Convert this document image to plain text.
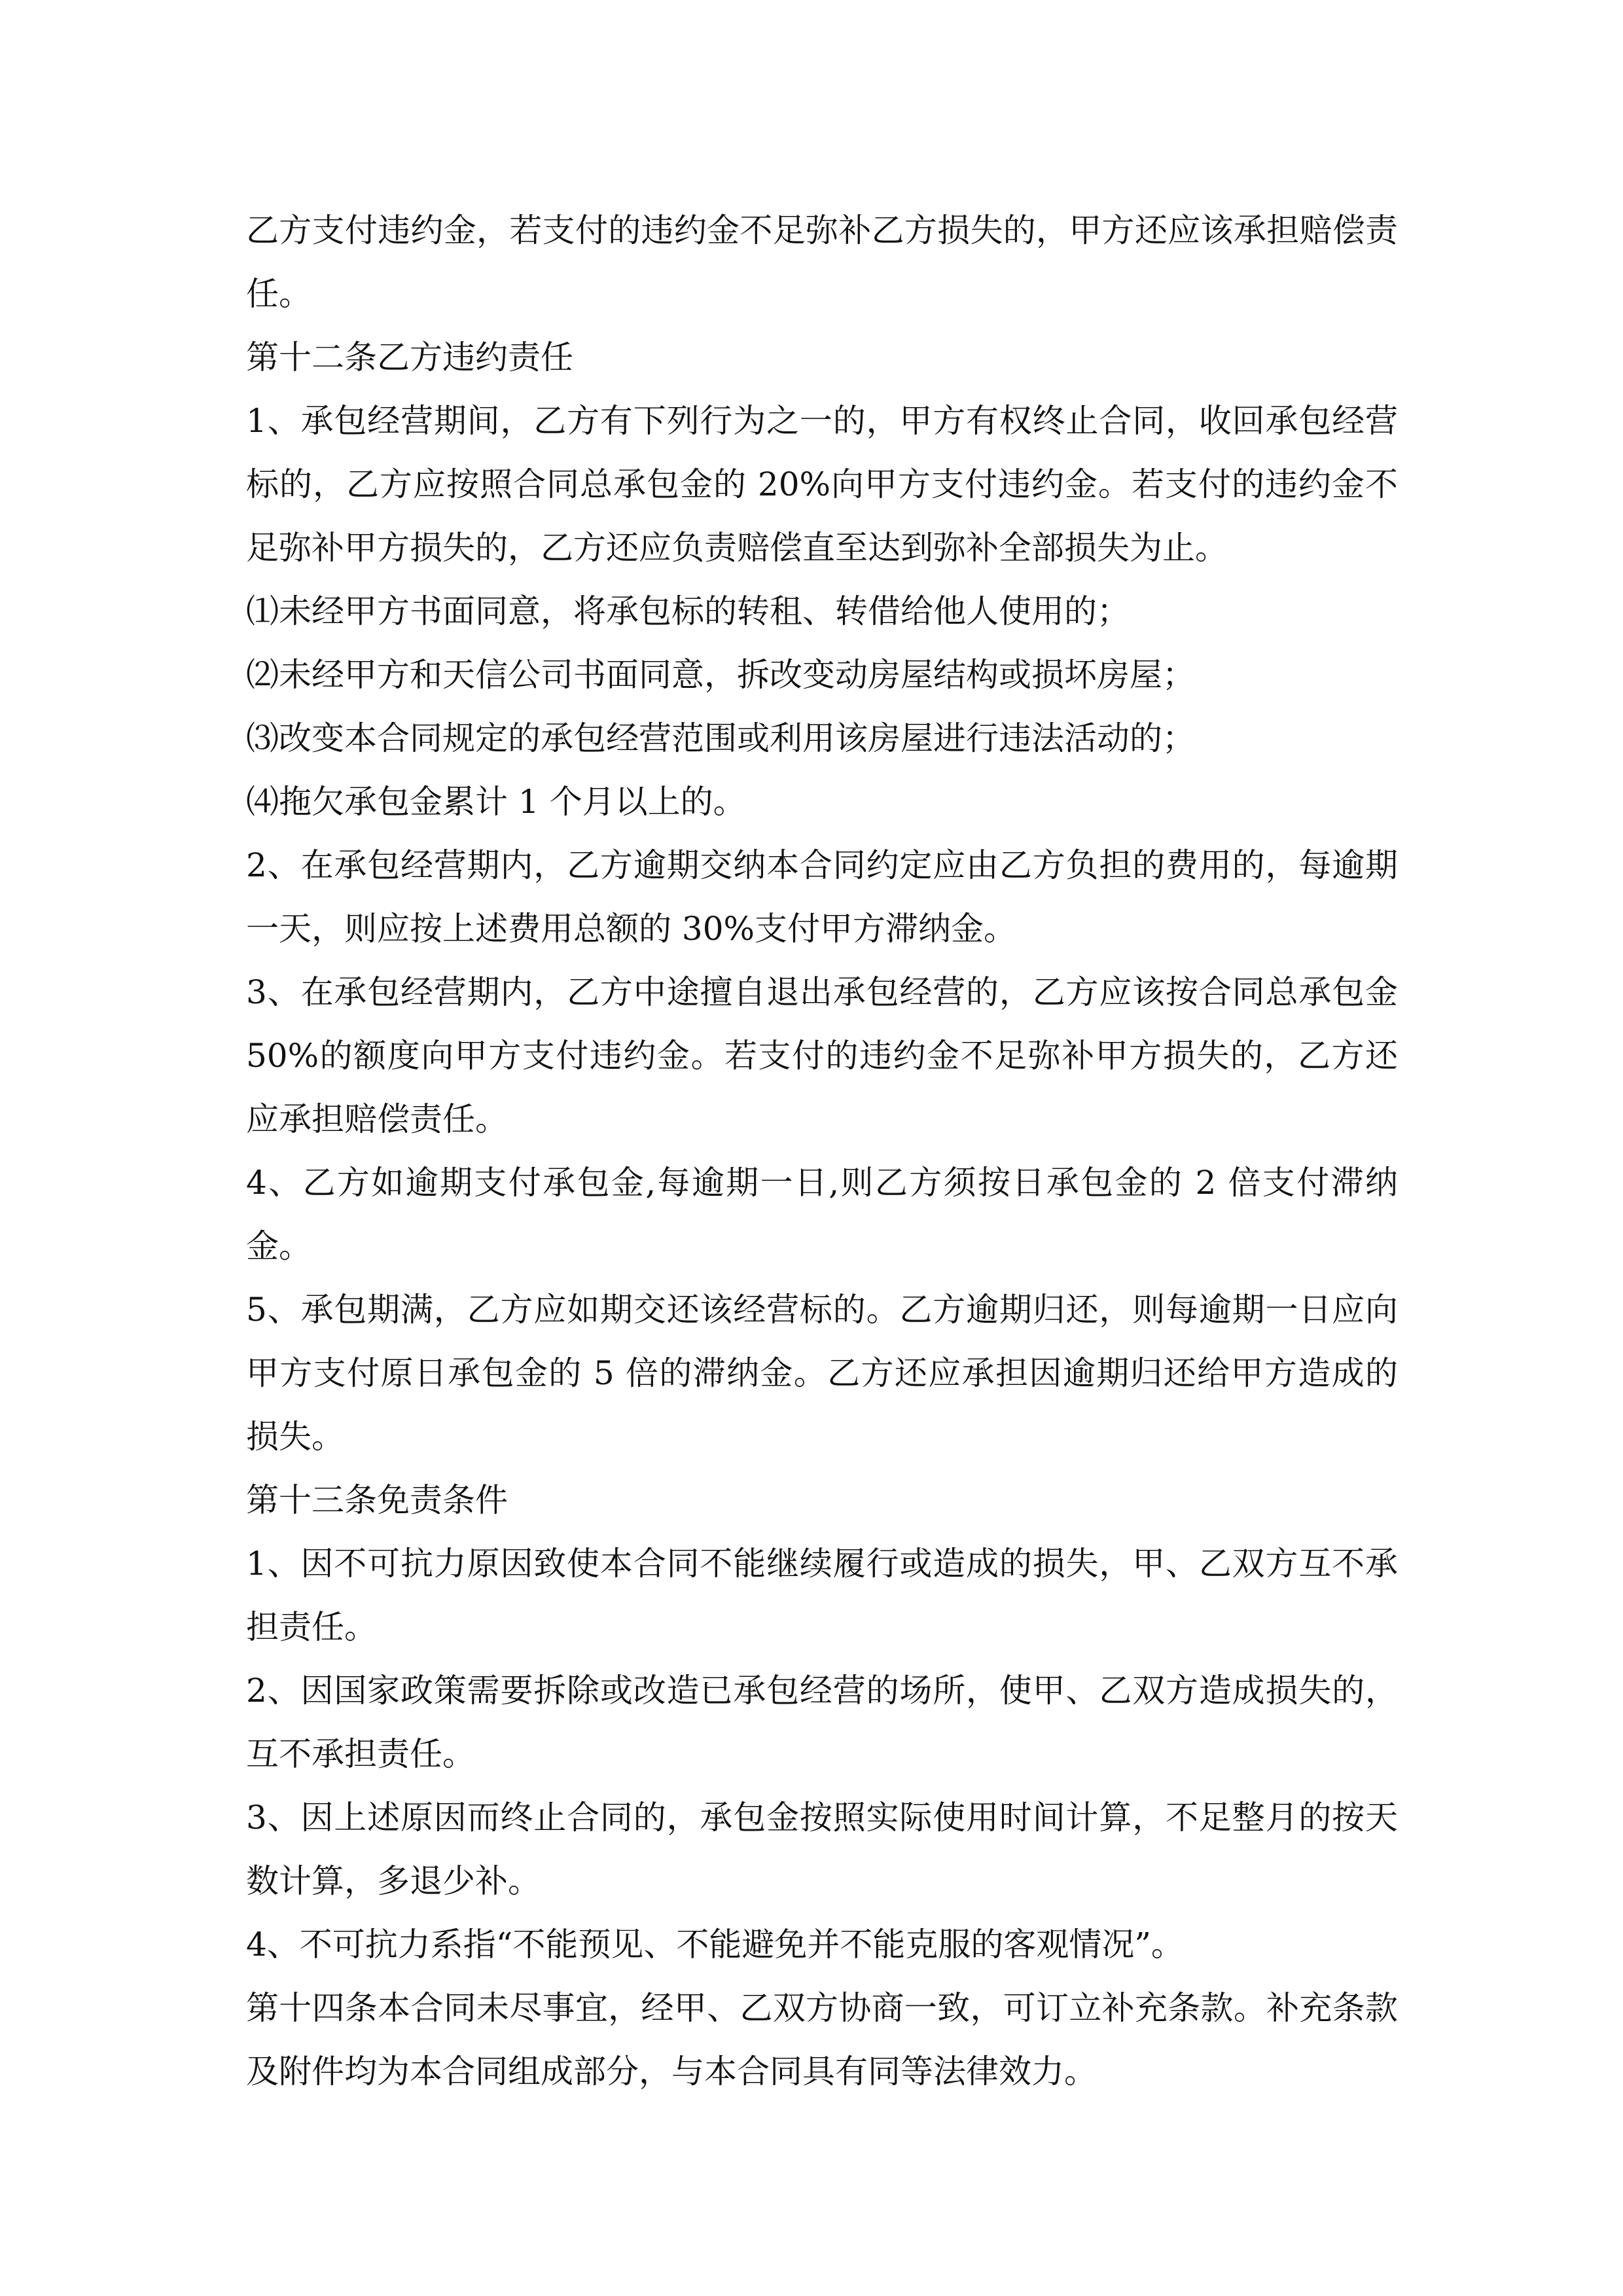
乙方支付违约金，若支付的违约金不足弥补乙方损失的，甲方还应该承担赔偿责任。

第十二条乙方违约责任

1、承包经营期间，乙方有下列行为之一的，甲方有权终止合同，收回承包经营标的，乙方应按照合同总承包金的 20%向甲方支付违约金。若支付的违约金不足弥补甲方损失的，乙方还应负责赔偿直至达到弥补全部损失为止。

⑴未经甲方书面同意，将承包标的转租、转借给他人使用的；

⑵未经甲方和天信公司书面同意，拆改变动房屋结构或损坏房屋；

⑶改变本合同规定的承包经营范围或利用该房屋进行违法活动的；

⑷拖欠承包金累计 1 个月以上的。

2、在承包经营期内，乙方逾期交纳本合同约定应由乙方负担的费用的，每逾期一天，则应按上述费用总额的 30%支付甲方滞纳金。

3、在承包经营期内，乙方中途擅自退出承包经营的，乙方应该按合同总承包金 50%的额度向甲方支付违约金。若支付的违约金不足弥补甲方损失的，乙方还应承担赔偿责任。

4、乙方如逾期支付承包金,每逾期一日,则乙方须按日承包金的 2 倍支付滞纳金。

5、承包期满，乙方应如期交还该经营标的。乙方逾期归还，则每逾期一日应向甲方支付原日承包金的 5 倍的滞纳金。乙方还应承担因逾期归还给甲方造成的损失。

第十三条免责条件

1、因不可抗力原因致使本合同不能继续履行或造成的损失，甲、乙双方互不承担责任。

2、因国家政策需要拆除或改造已承包经营的场所，使甲、乙双方造成损失的，互不承担责任。

3、因上述原因而终止合同的，承包金按照实际使用时间计算，不足整月的按天数计算，多退少补。

4、不可抗力系指“不能预见、不能避免并不能克服的客观情况”。

第十四条本合同未尽事宜，经甲、乙双方协商一致，可订立补充条款。补充条款及附件均为本合同组成部分，与本合同具有同等法律效力。
